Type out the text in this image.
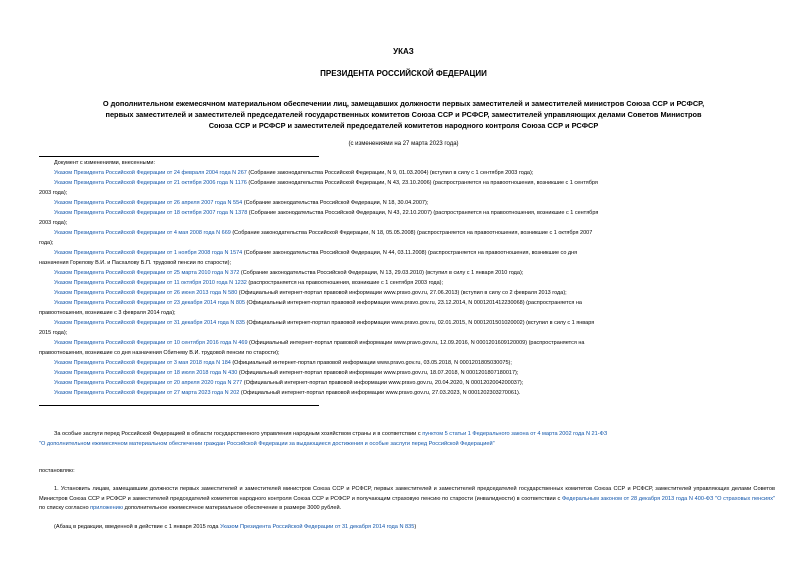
УКАЗ
ПРЕЗИДЕНТА РОССИЙСКОЙ ФЕДЕРАЦИИ
О дополнительном ежемесячном материальном обеспечении лиц, замещавших должности первых заместителей и заместителей министров Союза ССР и РСФСР,
первых заместителей и заместителей председателей государственных комитетов Союза ССР и РСФСР, заместителей управляющих делами Советов Министров
Союза ССР и РСФСР и заместителей председателей комитетов народного контроля Союза ССР и РСФСР
(с изменениями на 27 марта 2023 года)
Документ с изменениями, внесенными:
Указом Президента Российской Федерации от 24 февраля 2004 года N 267 (Собрание законодательства Российской Федерации, N 9, 01.03.2004) (вступил в силу с 1 сентября 2003 года);
Указом Президента Российской Федерации от 21 октября 2006 года N 1176 (Собрание законодательства Российской Федерации, N 43, 23.10.2006) (распространяется на правоотношения, возникшие с 1 сентября
2003 года);
Указом Президента Российской Федерации от 26 апреля 2007 года N 554 (Собрание законодательства Российской Федерации, N 18, 30.04.2007);
Указом Президента Российской Федерации от 18 октября 2007 года N 1378 (Собрание законодательства Российской Федерации, N 43, 22.10.2007) (распространяется на правоотношения, возникшие с 1 сентября
2003 года);
Указом Президента Российской Федерации от 4 мая 2008 года N 669 (Собрание законодательства Российской Федерации, N 18, 05.05.2008) (распространяется на правоотношения, возникшие с 1 октября 2007
года);
Указом Президента Российской Федерации от 1 ноября 2008 года N 1574 (Собрание законодательства Российской Федерации, N 44, 03.11.2008) (распространяется на правоотношения, возникшие со дня
назначения Горелову В.И. и Пасхалову Б.П. трудовой пенсии по старости);
Указом Президента Российской Федерации от 25 марта 2010 года N 372 (Собрание законодательства Российской Федерации, N 13, 29.03.2010) (вступил в силу с 1 января 2010 года);
Указом Президента Российской Федерации от 11 октября 2010 года N 1232 (распространяется на правоотношения, возникшие с 1 сентября 2003 года);
Указом Президента Российской Федерации от 26 июня 2013 года N 580 (Официальный интернет-портал правовой информации www.pravo.gov.ru, 27.06.2013) (вступил в силу со 2 февраля 2013 года);
Указом Президента Российской Федерации от 23 декабря 2014 года N 805 (Официальный интернет-портал правовой информации www.pravo.gov.ru, 23.12.2014, N 0001201412230068) (распространяется на
правоотношения, возникшие с 3 февраля 2014 года);
Указом Президента Российской Федерации от 31 декабря 2014 года N 835 (Официальный интернет-портал правовой информации www.pravo.gov.ru, 02.01.2015, N 0001201501020002) (вступил в силу с 1 января
2015 года);
Указом Президента Российской Федерации от 10 сентября 2016 года N 469 (Официальный интернет-портал правовой информации www.pravo.gov.ru, 12.09.2016, N 0001201609120009) (распространяется на
правоотношения, возникшие со дня назначения Сбитневу В.И. трудовой пенсии по старости);
Указом Президента Российской Федерации от 3 мая 2018 года N 184 (Официальный интернет-портал правовой информации www.pravo.gov.ru, 03.05.2018, N 0001201805030075);
Указом Президента Российской Федерации от 18 июля 2018 года N 430 (Официальный интернет-портал правовой информации www.pravo.gov.ru, 18.07.2018, N 0001201807180017);
Указом Президента Российской Федерации от 20 апреля 2020 года N 277 (Официальный интернет-портал правовой информации www.pravo.gov.ru, 20.04.2020, N 0001202004200037);
Указом Президента Российской Федерации от 27 марта 2023 года N 202 (Официальный интернет-портал правовой информации www.pravo.gov.ru, 27.03.2023, N 0001202303270061).
За особые заслуги перед Российской Федерацией в области государственного управления народным хозяйством страны и в соответствии с пунктом 5 статьи 1 Федерального закона от 4 марта 2002 года N 21-ФЗ
"О дополнительном ежемесячном материальном обеспечении граждан Российской Федерации за выдающиеся достижения и особые заслуги перед Российской Федерацией"
постановляю:
1. Установить лицам, замещавшим должности первых заместителей и заместителей министров Союза ССР и РСФСР, первых заместителей и заместителей председателей государственных комитетов Союза ССР и РСФСР, заместителей управляющих делами Советов Министров Союза ССР и РСФСР и заместителей председателей комитетов народного контроля Союза ССР и РСФСР и получающим страховую пенсию по старости (инвалидности) в соответствии с Федеральным законом от 28 декабря 2013 года N 400-ФЗ "О страховых пенсиях" по списку согласно приложению дополнительное ежемесячное материальное обеспечение в размере 3000 рублей.
(Абзац в редакции, введенной в действие с 1 января 2015 года Указом Президента Российской Федерации от 31 декабря 2014 года N 835)
